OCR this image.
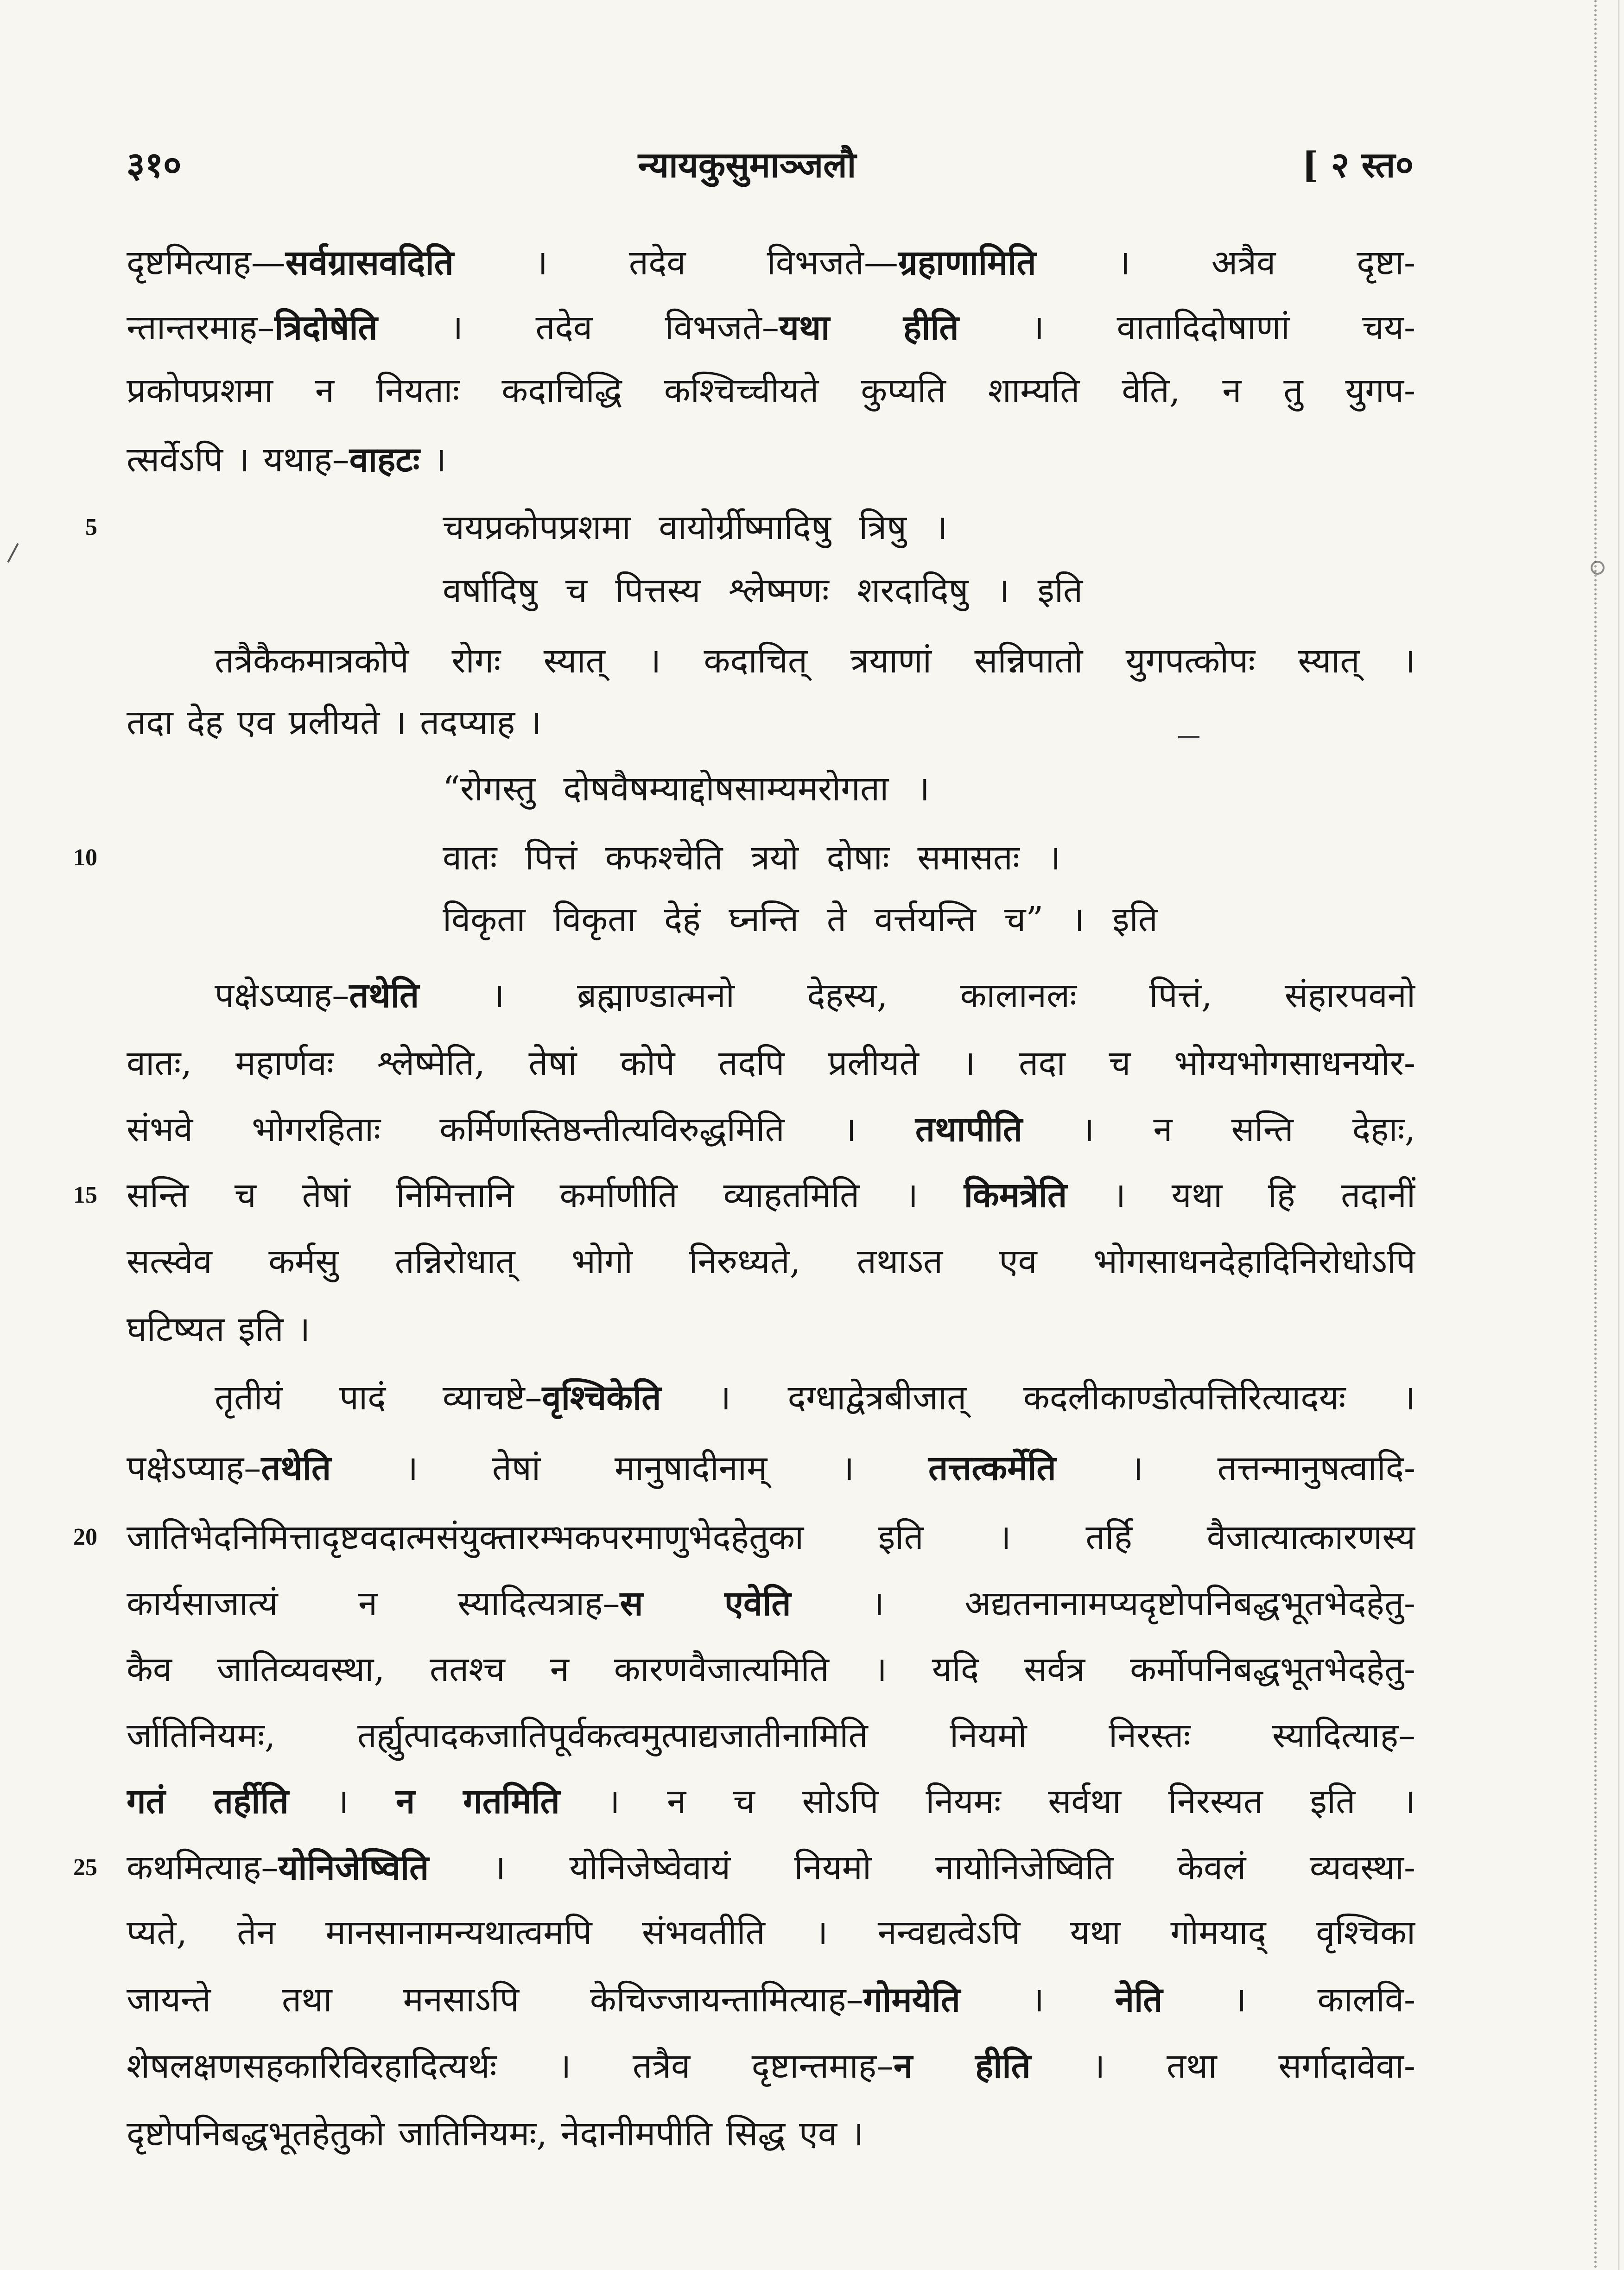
३१०	न्यायकुसुमाञ्जलौ	[ २ स्त०
दृष्टमित्याह—सर्वग्रासवदिति । तदेव विभजते—ग्रहाणामिति । अत्रैव दृष्टा-
न्तान्तरमाह–त्रिदोषेति । तदेव विभजते–यथा हीति । वातादिदोषाणां चय-
प्रकोपप्रशमा न नियताः कदाचिद्धि कश्चिच्चीयते कुप्यति शाम्यति वेति, न तु युगप-
त्सर्वेऽपि । यथाह–वाहटः ।
चयप्रकोपप्रशमा वायोर्ग्रीष्मादिषु त्रिषु ।
5
वर्षादिषु च पित्तस्य श्लेष्मणः शरदादिषु । इति
तत्रैकैकमात्रकोपे रोगः स्यात् । कदाचित् त्रयाणां सन्निपातो युगपत्कोपः स्यात् ।
तदा देह एव प्रलीयते । तदप्याह ।
“रोगस्तु दोषवैषम्याद्दोषसाम्यमरोगता ।
वातः पित्तं कफश्चेति त्रयो दोषाः समासतः ।
10
विकृता विकृता देहं घ्नन्ति ते वर्त्तयन्ति च” । इति
पक्षेऽप्याह–तथेति । ब्रह्माण्डात्मनो देहस्य, कालानलः पित्तं, संहारपवनो
वातः, महार्णवः श्लेष्मेति, तेषां कोपे तदपि प्रलीयते । तदा च भोग्यभोगसाधनयोर-
संभवे भोगरहिताः कर्मिणस्तिष्ठन्तीत्यविरुद्धमिति । तथापीति । न सन्ति देहाः,
सन्ति च तेषां निमित्तानि कर्माणीति व्याहतमिति । किमत्रेति । यथा हि तदानीं
15
सत्स्वेव कर्मसु तन्निरोधात् भोगो निरुध्यते, तथाऽत एव भोगसाधनदेहादिनिरोधोऽपि
घटिष्यत इति ।
तृतीयं पादं व्याचष्टे–वृश्चिकेति । दग्धाद्वेत्रबीजात् कदलीकाण्डोत्पत्तिरित्यादयः ।
पक्षेऽप्याह–तथेति । तेषां मानुषादीनाम् । तत्तत्कर्मेति । तत्तन्मानुषत्वादि-
जातिभेदनिमित्तादृष्टवदात्मसंयुक्तारम्भकपरमाणुभेदहेतुका इति । तर्हि वैजात्यात्कारणस्य
20
कार्यसाजात्यं न स्यादित्यत्राह–स एवेति । अद्यतनानामप्यदृष्टोपनिबद्धभूतभेदहेतु-
कैव जातिव्यवस्था, ततश्च न कारणवैजात्यमिति । यदि सर्वत्र कर्मोपनिबद्धभूतभेदहेतु-
र्जातिनियमः, तर्ह्युत्पादकजातिपूर्वकत्वमुत्पाद्यजातीनामिति नियमो निरस्तः स्यादित्याह–
गतं तर्हीति । न गतमिति । न च सोऽपि नियमः सर्वथा निरस्यत इति ।
कथमित्याह–योनिजेष्विति । योनिजेष्वेवायं नियमो नायोनिजेष्विति केवलं व्यवस्था-
25
प्यते, तेन मानसानामन्यथात्वमपि संभवतीति । नन्वद्यत्वेऽपि यथा गोमयाद् वृश्चिका
जायन्ते तथा मनसाऽपि केचिज्जायन्तामित्याह–गोमयेति । नेति । कालवि-
शेषलक्षणसहकारिविरहादित्यर्थः । तत्रैव दृष्टान्तमाह–न हीति । तथा सर्गादावेवा-
दृष्टोपनिबद्धभूतहेतुको जातिनियमः, नेदानीमपीति सिद्ध एव ।
